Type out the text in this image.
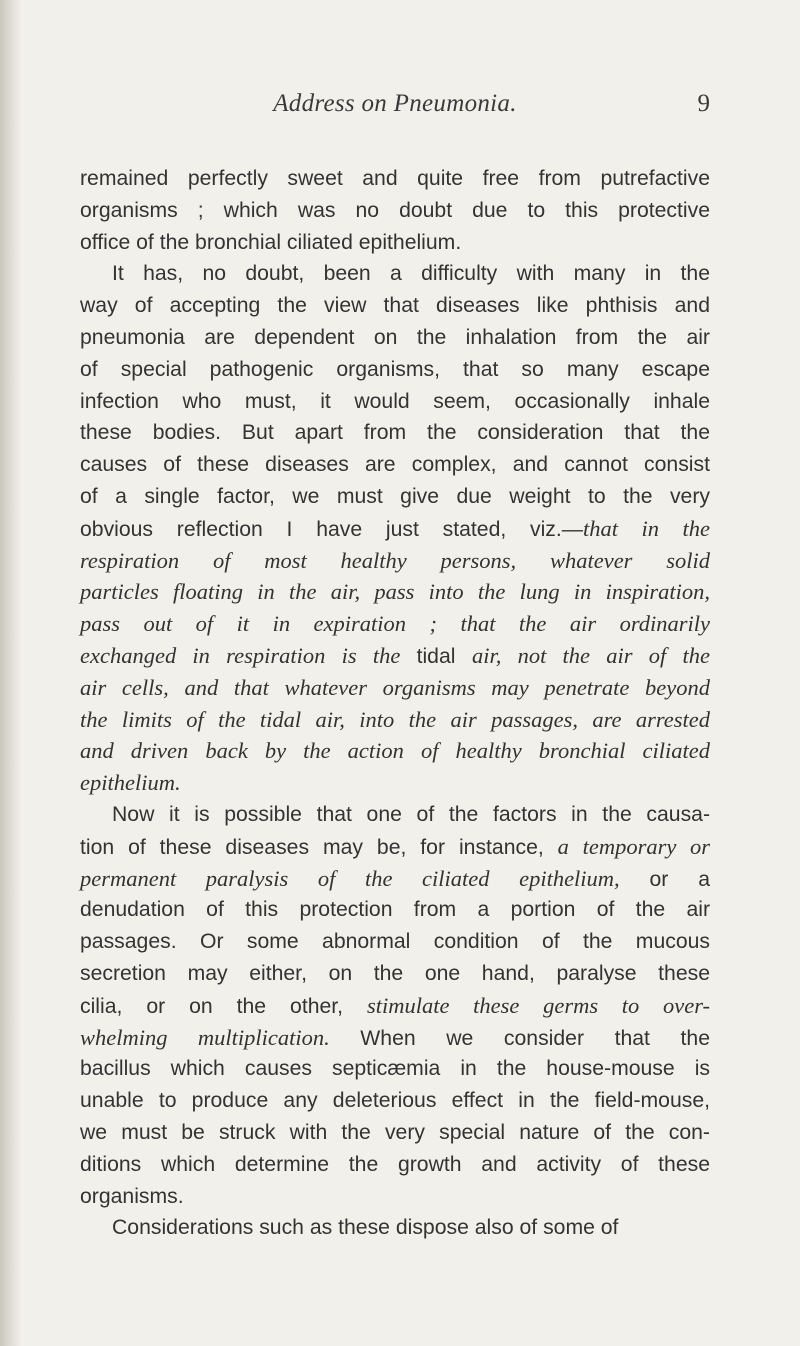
Address on Pneumonia.	9
remained perfectly sweet and quite free from putrefactive
organisms ; which was no doubt due to this protective
office of the bronchial ciliated epithelium.
It has, no doubt, been a difficulty with many in the
way of accepting the view that diseases like phthisis and
pneumonia are dependent on the inhalation from the air
of special pathogenic organisms, that so many escape
infection who must, it would seem, occasionally inhale
these bodies. But apart from the consideration that the
causes of these diseases are complex, and cannot consist
of a single factor, we must give due weight to the very
obvious reflection I have just stated, viz.—that in the
respiration of most healthy persons, whatever solid
particles floating in the air, pass into the lung in inspiration,
pass out of it in expiration ; that the air ordinarily
exchanged in respiration is the tidal air, not the air of the
air cells, and that whatever organisms may penetrate beyond
the limits of the tidal air, into the air passages, are arrested
and driven back by the action of healthy bronchial ciliated
epithelium.
Now it is possible that one of the factors in the causa-
tion of these diseases may be, for instance, a temporary or
permanent paralysis of the ciliated epithelium, or a
denudation of this protection from a portion of the air
passages. Or some abnormal condition of the mucous
secretion may either, on the one hand, paralyse these
cilia, or on the other, stimulate these germs to over-
whelming multiplication. When we consider that the
bacillus which causes septicæmia in the house-mouse is
unable to produce any deleterious effect in the field-mouse,
we must be struck with the very special nature of the con-
ditions which determine the growth and activity of these
organisms.
Considerations such as these dispose also of some of
